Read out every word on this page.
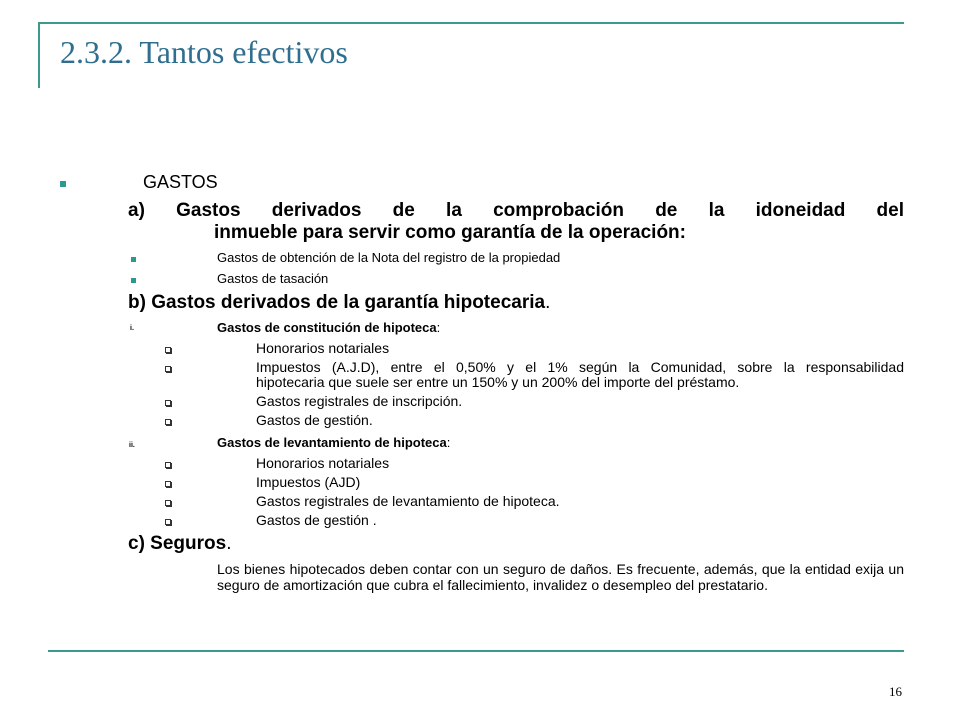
2.3.2. Tantos efectivos
GASTOS
a) Gastos derivados de la comprobación de la idoneidad del
inmueble para servir como garantía de la operación:
Gastos de obtención de la Nota del registro de la propiedad
Gastos de tasación
b) Gastos derivados de la garantía hipotecaria.
i.	Gastos de constitución de hipoteca:
Honorarios notariales
Impuestos (A.J.D), entre el 0,50% y el 1% según la Comunidad, sobre la responsabilidad
hipotecaria que suele ser entre un 150% y un 200% del importe del préstamo.
Gastos registrales de inscripción.
Gastos de gestión.
ii.	Gastos de levantamiento de hipoteca:
Honorarios notariales
Impuestos (AJD)
Gastos registrales de levantamiento de hipoteca.
Gastos de gestión .
c) Seguros.
Los bienes hipotecados deben contar con un seguro de daños. Es frecuente, además, que la entidad exija un seguro de amortización que cubra el fallecimiento, invalidez o desempleo del prestatario.
16
